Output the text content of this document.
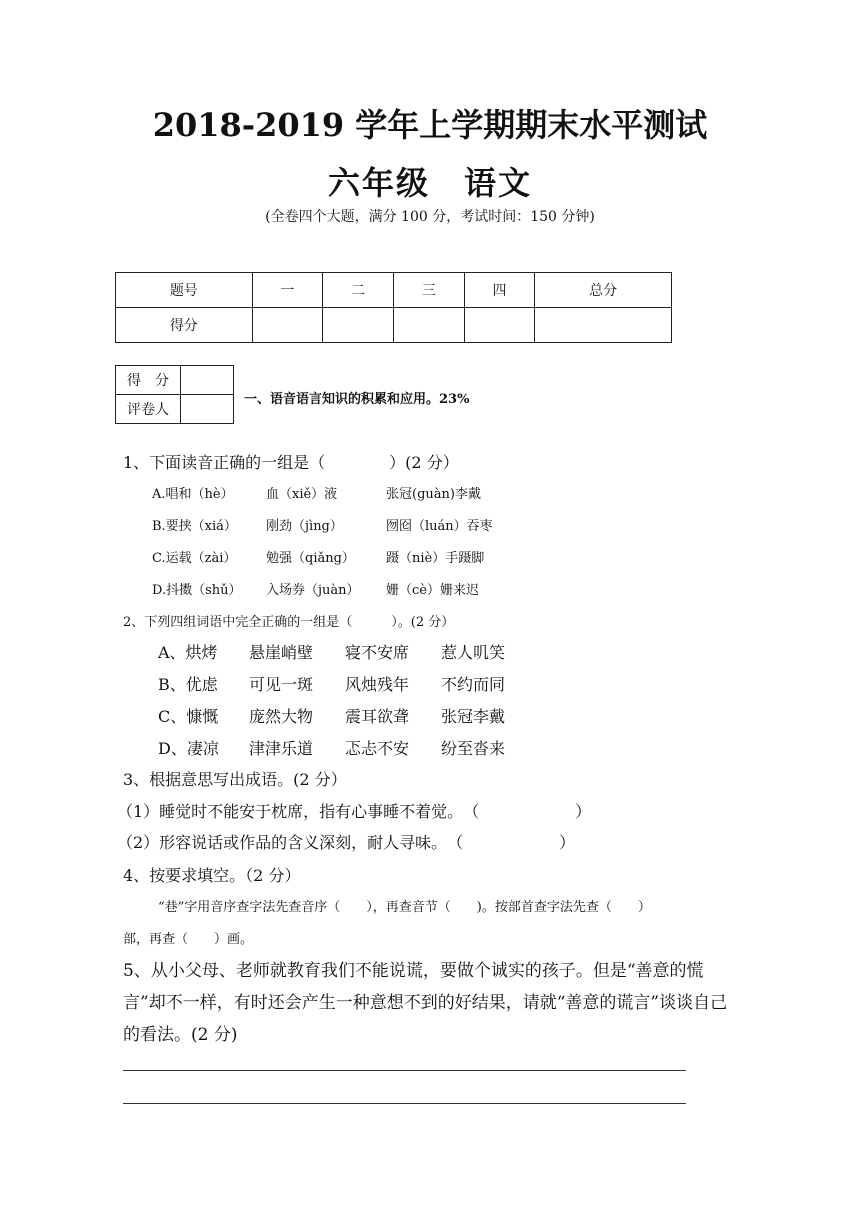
2018-2019 学年上学期期末水平测试
六年级　语文
(全卷四个大题，满分 100 分，考试时间：150 分钟)
题号	一	二	三	四	总分
得分					
得　分	
评卷人	
一、语音语言知识的积累和应用。23%
1、下面读音正确的一组是（　　　　）(2 分）
A.唱和（hè） 血（xiě）液	张冠(guàn)李戴
B.要挟（xiá） 刚劲（jìng）	囫囵（luán）吞枣
C.运载（zài） 勉强（qiǎng） 蹑（niè）手蹑脚
D.抖擞（shǔ） 入场券（juàn） 姗（cè）姗来迟
2、下列四组词语中完全正确的一组是（　　　）。(2 分）
A、烘烤 悬崖峭壁 寝不安席 惹人叽笑
B、优虑 可见一斑 风烛残年 不约而同
C、慷慨 庞然大物 震耳欲聋 张冠李戴
D、凄凉 津津乐道 忑忐不安 纷至沓来
3、根据意思写出成语。(2 分）
（1）睡觉时不能安于枕席，指有心事睡不着觉。　（　　　　　　）
（2）形容说话或作品的含义深刻，耐人寻味。　（　　　　　　）
4、按要求填空。（2 分）
“巷”字用音序查字法先查音序（　　），再查音节（　　)。按部首查字法先查（　　）
部，再查（　　）画。
5、从小父母、老师就教育我们不能说谎，要做个诚实的孩子。但是“善意的慌言”却不一样，有时还会产生一种意想不到的好结果，请就“善意的谎言”谈谈自己的看法。(2 分)
